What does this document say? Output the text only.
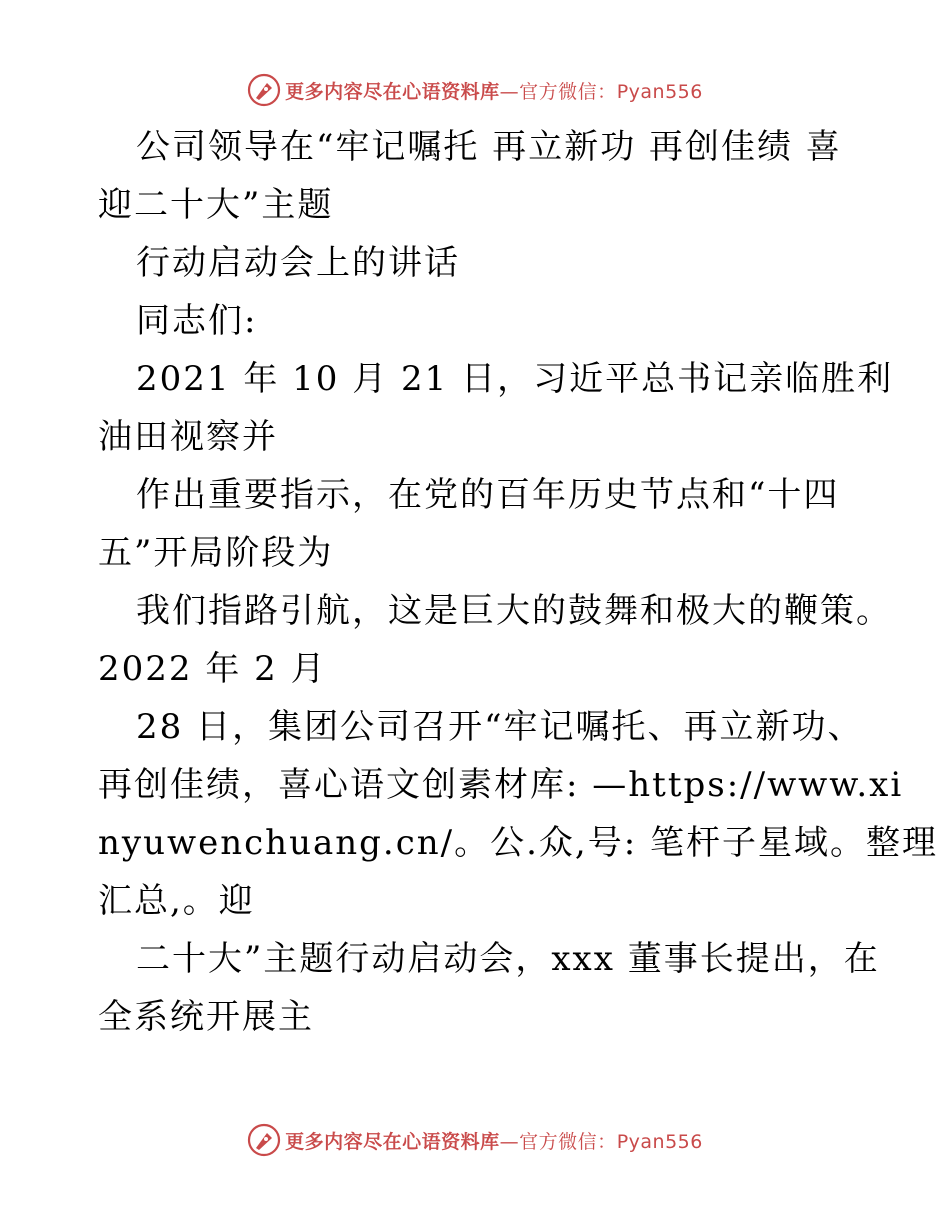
更多内容尽在心语资料库—官方微信：Pyan556
公司领导在“牢记嘱托 再立新功 再创佳绩 喜
迎二十大”主题
行动启动会上的讲话
同志们:
2021 年 10 月 21 日，习近平总书记亲临胜利
油田视察并
作出重要指示，在党的百年历史节点和“十四
五”开局阶段为
我们指路引航，这是巨大的鼓舞和极大的鞭策。
2022 年 2 月
28 日，集团公司召开“牢记嘱托、再立新功、
再创佳绩，喜心语文创素材库: —https://www.xi
nyuwenchuang.cn/。公.众,号: 笔杆子星域。整理
汇总,。迎
二十大”主题行动启动会，xxx 董事长提出，在
全系统开展主
更多内容尽在心语资料库—官方微信：Pyan556
